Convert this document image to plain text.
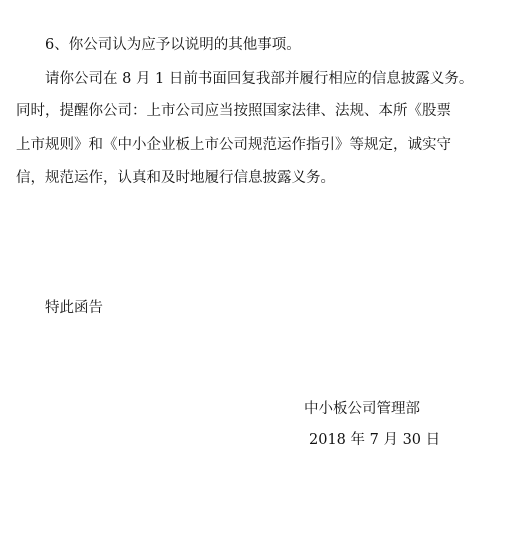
6、你公司认为应予以说明的其他事项。
请你公司在 8 月 1 日前书面回复我部并履行相应的信息披露义务。
同时，提醒你公司：上市公司应当按照国家法律、法规、本所《股票
上市规则》和《中小企业板上市公司规范运作指引》等规定，诚实守
信，规范运作，认真和及时地履行信息披露义务。
特此函告
中小板公司管理部
2018 年 7 月 30 日
